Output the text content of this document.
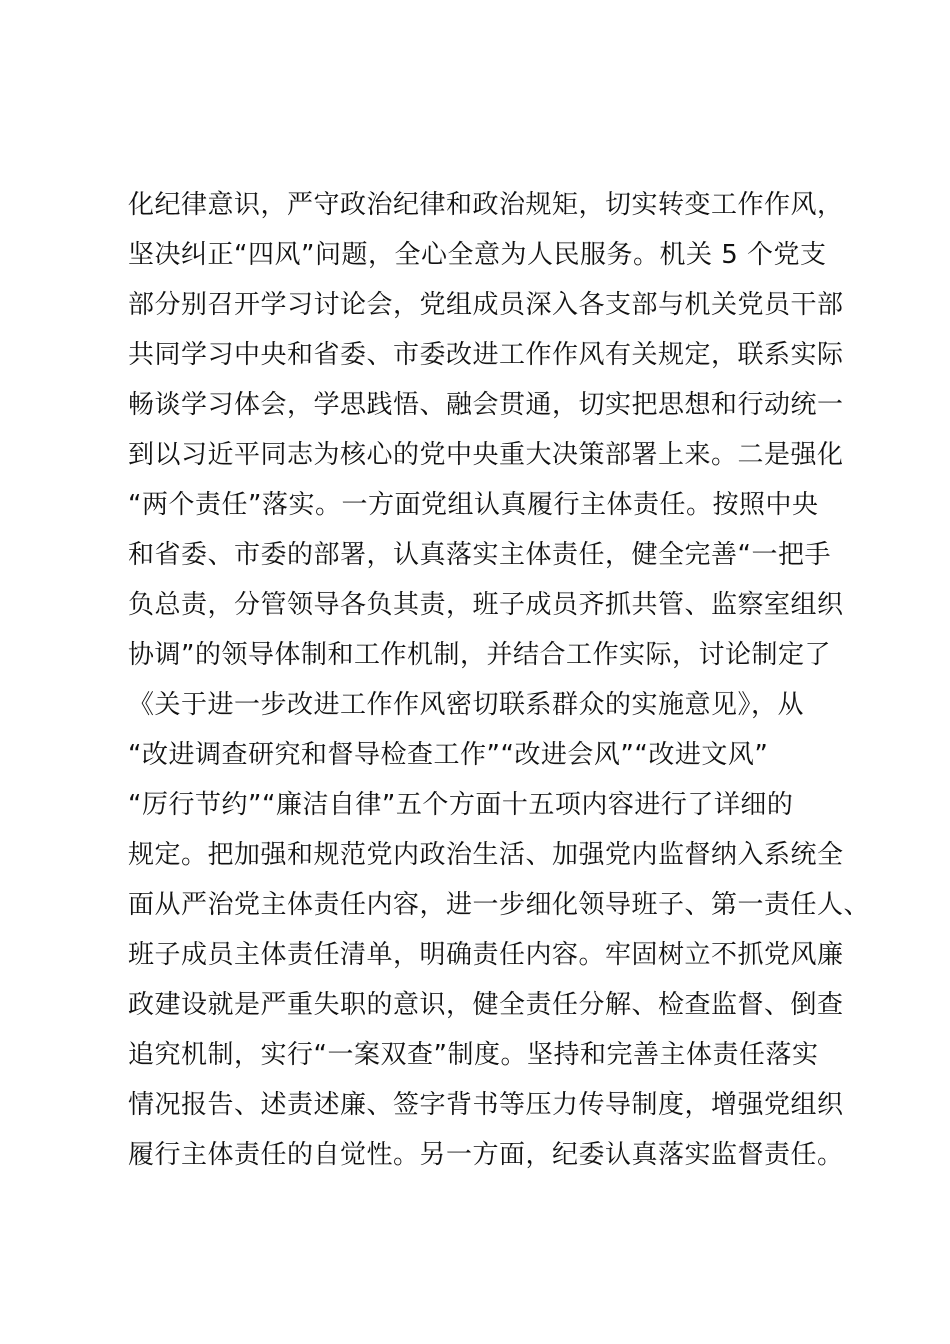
化纪律意识，严守政治纪律和政治规矩，切实转变工作作风，
坚决纠正“四风”问题，全心全意为人民服务。机关 5 个党支
部分别召开学习讨论会，党组成员深入各支部与机关党员干部
共同学习中央和省委、市委改进工作作风有关规定，联系实际
畅谈学习体会，学思践悟、融会贯通，切实把思想和行动统一
到以习近平同志为核心的党中央重大决策部署上来。二是强化
“两个责任”落实。一方面党组认真履行主体责任。按照中央
和省委、市委的部署，认真落实主体责任，健全完善“一把手
负总责，分管领导各负其责，班子成员齐抓共管、监察室组织
协调”的领导体制和工作机制，并结合工作实际，讨论制定了
《关于进一步改进工作作风密切联系群众的实施意见》，从
“改进调查研究和督导检查工作”“改进会风”“改进文风”
“厉行节约”“廉洁自律”五个方面十五项内容进行了详细的
规定。把加强和规范党内政治生活、加强党内监督纳入系统全
面从严治党主体责任内容，进一步细化领导班子、第一责任人、
班子成员主体责任清单，明确责任内容。牢固树立不抓党风廉
政建设就是严重失职的意识，健全责任分解、检查监督、倒查
追究机制，实行“一案双查”制度。坚持和完善主体责任落实
情况报告、述责述廉、签字背书等压力传导制度，增强党组织
履行主体责任的自觉性。另一方面，纪委认真落实监督责任。
